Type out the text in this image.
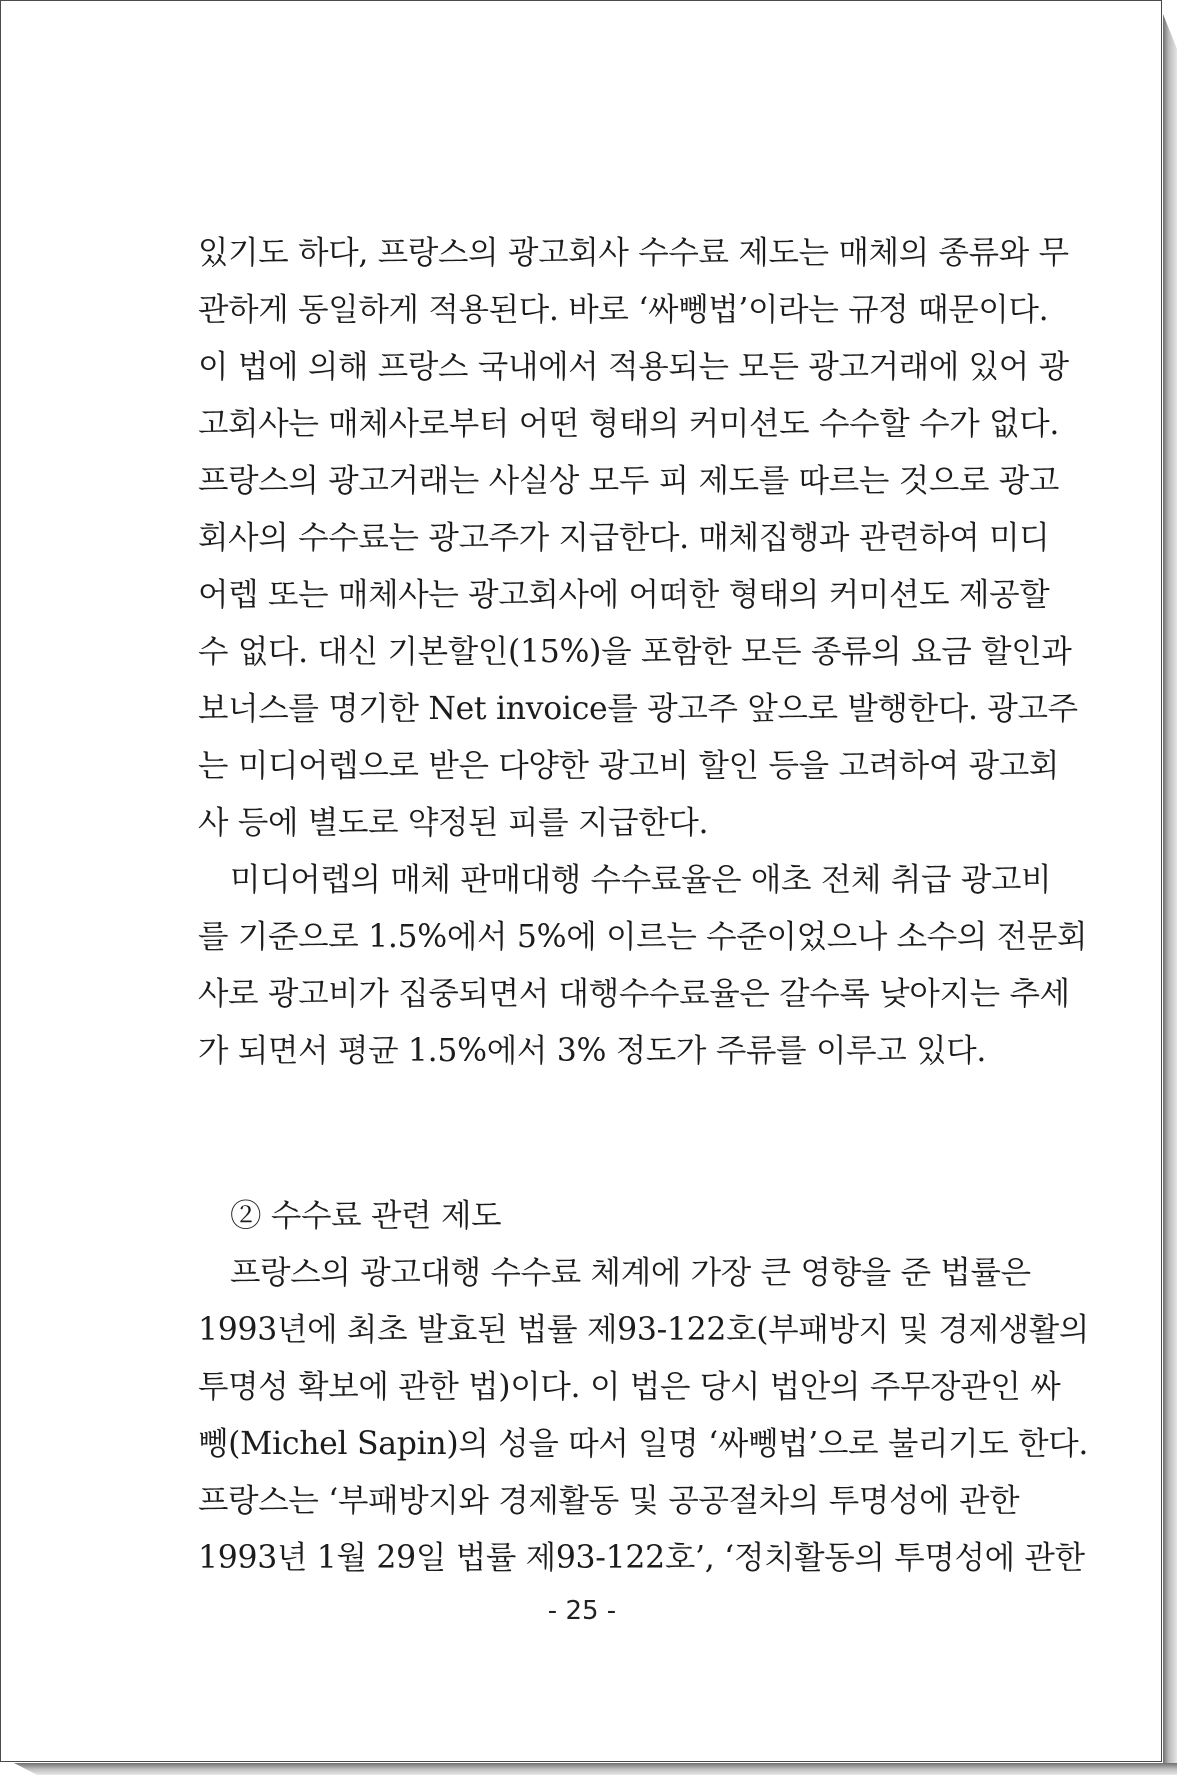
있기도 하다, 프랑스의 광고회사 수수료 제도는 매체의 종류와 무
관하게 동일하게 적용된다. 바로 ‘싸뼁법’이라는 규정 때문이다.
이 법에 의해 프랑스 국내에서 적용되는 모든 광고거래에 있어 광
고회사는 매체사로부터 어떤 형태의 커미션도 수수할 수가 없다.
프랑스의 광고거래는 사실상 모두 피 제도를 따르는 것으로 광고
회사의 수수료는 광고주가 지급한다. 매체집행과 관련하여 미디
어렙 또는 매체사는 광고회사에 어떠한 형태의 커미션도 제공할
수 없다. 대신 기본할인(15%)을 포함한 모든 종류의 요금 할인과
보너스를 명기한 Net invoice를 광고주 앞으로 발행한다. 광고주
는 미디어렙으로 받은 다양한 광고비 할인 등을 고려하여 광고회
사 등에 별도로 약정된 피를 지급한다.
미디어렙의 매체 판매대행 수수료율은 애초 전체 취급 광고비
를 기준으로 1.5%에서 5%에 이르는 수준이었으나 소수의 전문회
사로 광고비가 집중되면서 대행수수료율은 갈수록 낮아지는 추세
가 되면서 평균 1.5%에서 3% 정도가 주류를 이루고 있다.
② 수수료 관련 제도
프랑스의 광고대행 수수료 체계에 가장 큰 영향을 준 법률은
1993년에 최초 발효된 법률 제93-122호(부패방지 및 경제생활의
투명성 확보에 관한 법)이다. 이 법은 당시 법안의 주무장관인 싸
뼁(Michel Sapin)의 성을 따서 일명 ‘싸뼁법’으로 불리기도 한다.
프랑스는 ‘부패방지와 경제활동 및 공공절차의 투명성에 관한
1993년 1월 29일 법률 제93-122호’, ‘정치활동의 투명성에 관한
- 25 -
